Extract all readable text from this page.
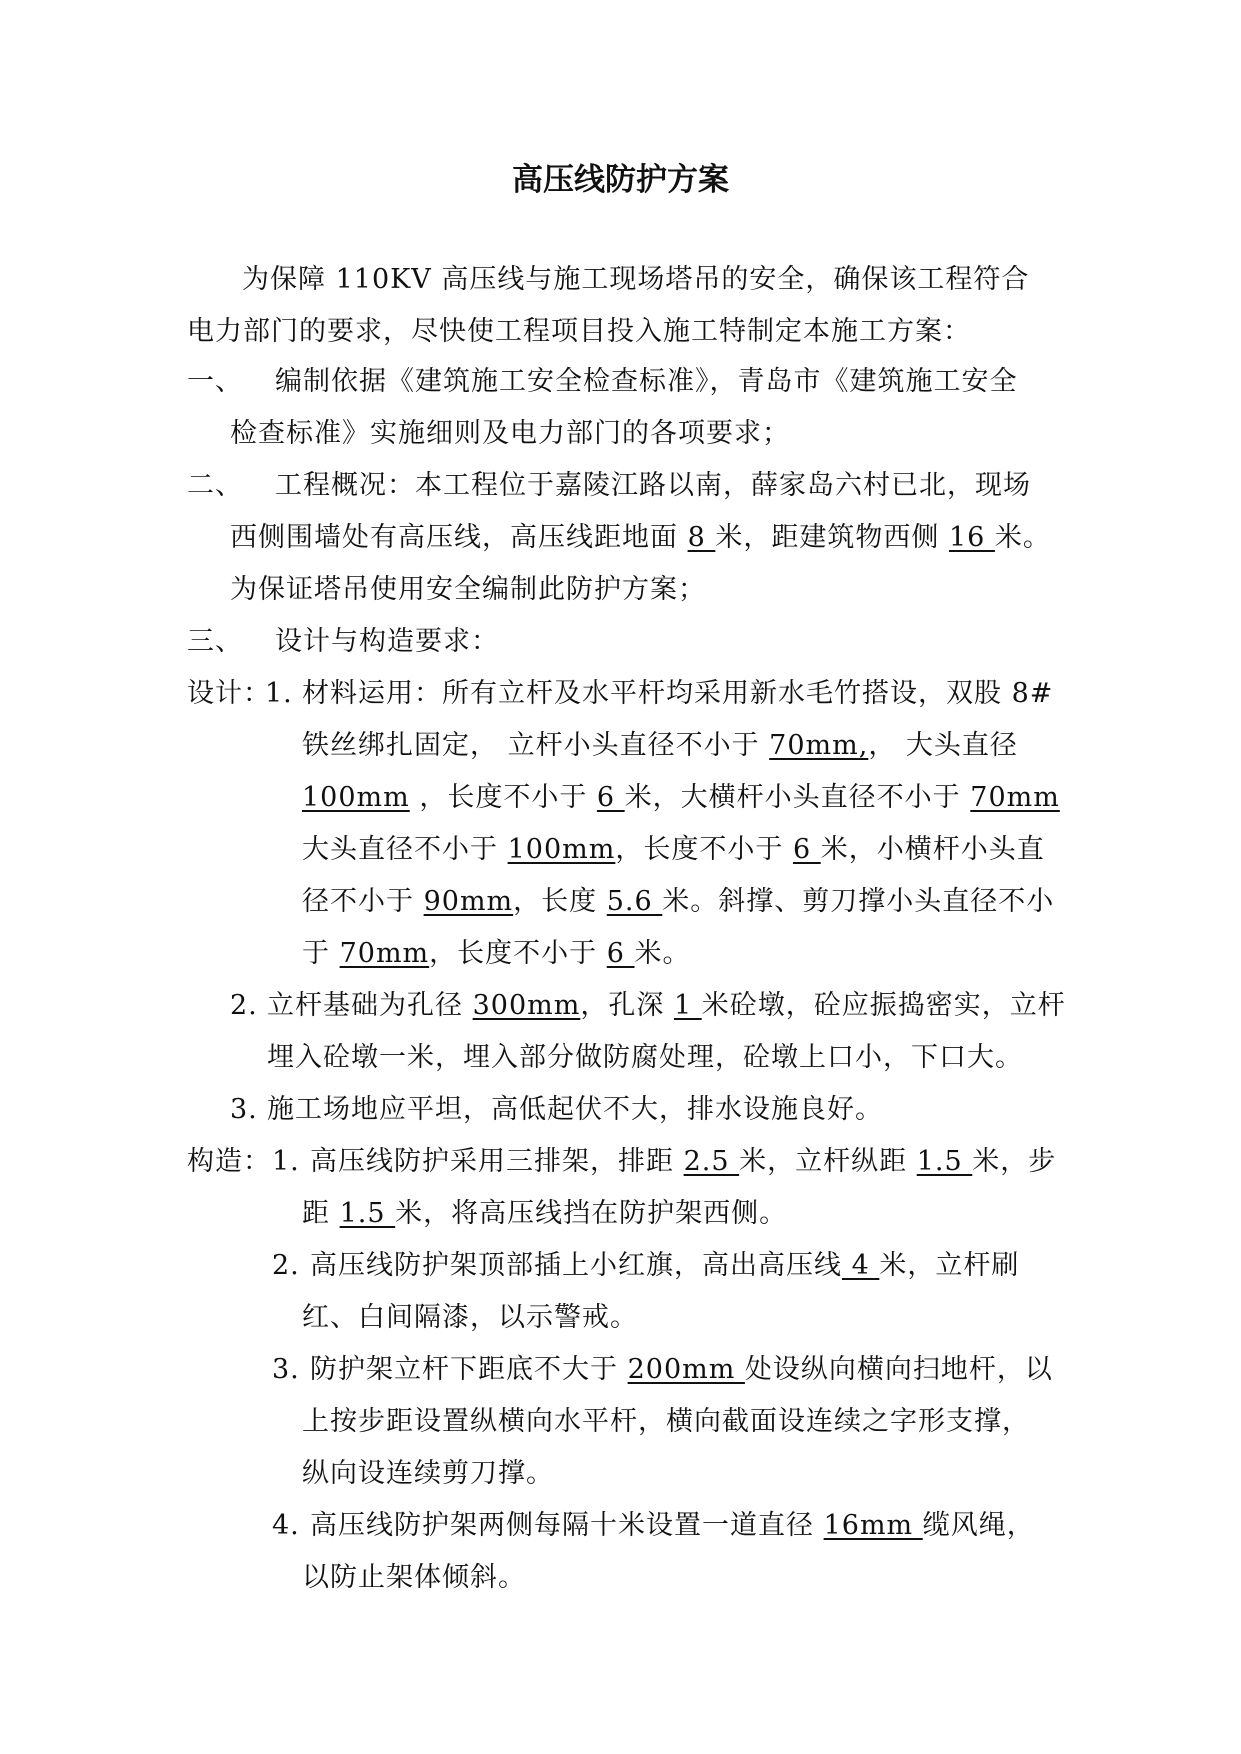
高压线防护方案
为保障 110KV 高压线与施工现场塔吊的安全，确保该工程符合
电力部门的要求，尽快使工程项目投入施工特制定本施工方案：
一、 编制依据《建筑施工安全检查标准》，青岛市《建筑施工安全
检查标准》实施细则及电力部门的各项要求；
二、 工程概况：本工程位于嘉陵江路以南，薛家岛六村已北，现场
西侧围墙处有高压线，高压线距地面 8 米，距建筑物西侧 16 米。
为保证塔吊使用安全编制此防护方案；
三、 设计与构造要求：
设计：
1. 材料运用：所有立杆及水平杆均采用新水毛竹搭设，双股 8#
铁丝绑扎固定， 立杆小头直径不小于 70mm,， 大头直径
100mm ，长度不小于 6 米，大横杆小头直径不小于 70mm
大头直径不小于 100mm，长度不小于 6 米，小横杆小头直
径不小于 90mm，长度 5.6 米。斜撑、剪刀撑小头直径不小
于 70mm，长度不小于 6 米。
2. 立杆基础为孔径 300mm，孔深 1 米砼墩，砼应振捣密实，立杆
埋入砼墩一米，埋入部分做防腐处理，砼墩上口小，下口大。
3. 施工场地应平坦，高低起伏不大，排水设施良好。
构造： 1. 高压线防护采用三排架，排距 2.5 米，立杆纵距 1.5 米，步
距 1.5 米，将高压线挡在防护架西侧。
2. 高压线防护架顶部插上小红旗，高出高压线 4 米，立杆刷
红、白间隔漆，以示警戒。
3. 防护架立杆下距底不大于 200mm 处设纵向横向扫地杆，以
上按步距设置纵横向水平杆，横向截面设连续之字形支撑，
纵向设连续剪刀撑。
4. 高压线防护架两侧每隔十米设置一道直径 16mm 缆风绳，
以防止架体倾斜。
